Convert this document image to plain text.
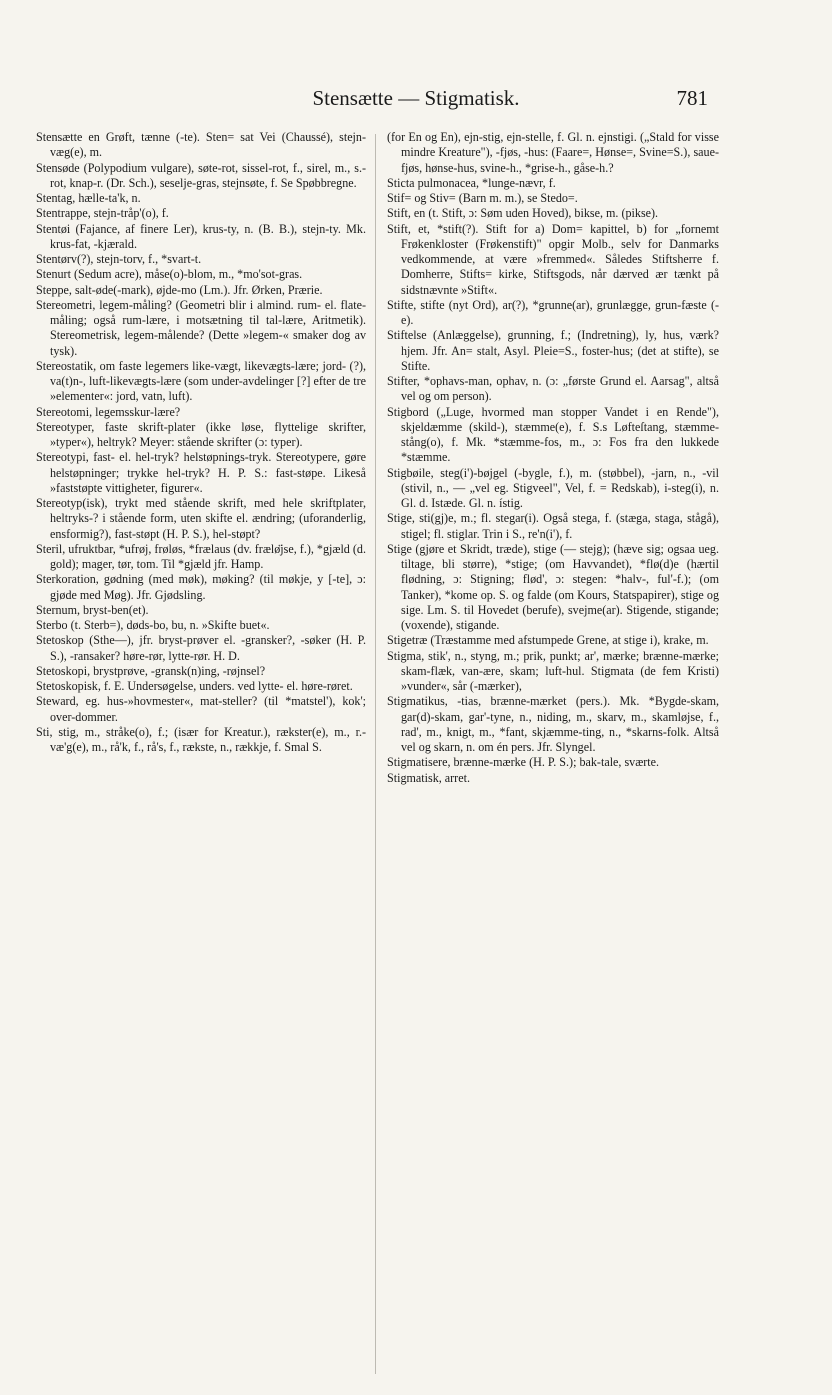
Stensætte — Stigmatisk.	781

Stensætte en Grøft, tænne (-te). Sten= sat Vei (Chaussé), stejn-væg(e), m.

Stensøde (Polypodium vulgare), søte-rot, sissel-rot, f., sirel, m., s.-rot, knap-r. (Dr. Sch.), seselje-gras, stejnsøte, f. Se Spøbbregne.

Stentag, hælle-ta'k, n.

Stentrappe, stejn-tråp'(o), f.

Stentøi (Fajance, af finere Ler), krus-ty, n. (B. B.), stejn-ty. Mk. krus-fat, -kjærald.

Stentørv(?), stejn-torv, f., *svart-t.

Stenurt (Sedum acre), måse(o)-blom, m., *mo'sot-gras.

Steppe, salt-øde(-mark), øjde-mo (Lm.). Jfr. Ørken, Prærie.

Stereometri, legem-måling? (Geometri blir i almind. rum- el. flate-måling; også rum-lære, i motsætning til tal-lære, Aritmetik). Stereometrisk, legem-målende? (Dette »legem-« smaker dog av tysk).

Stereostatik, om faste legemers like-vægt, likevægts-lære; jord- (?), va(t)n-, luft-likevægts-lære (som under-avdelinger [?] efter de tre »elementer«: jord, vatn, luft).

Stereotomi, legemsskur-lære?

Stereotyper, faste skrift-plater (ikke løse, flyttelige skrifter, »typer«), heltryk? Meyer: stående skrifter (ɔ: typer).

Stereotypi, fast- el. hel-tryk? helstøpnings-tryk. Stereotypere, gøre helstøpninger; trykke hel-tryk? H. P. S.: fast-støpe. Likeså »faststøpte vittigheter, figurer«.

Stereotyp(isk), trykt med stående skrift, med hele skriftplater, heltryks-? i stående form, uten skifte el. ændring; (uforanderlig, ensformig?), fast-støpt (H. P. S.), hel-støpt?

Steril, ufruktbar, *ufrøj, frøløs, *frælaus (dv. frælø̈jse, f.), *gjæld (d. gold); mager, tør, tom. Til *gjæld jfr. Hamp.

Sterkoration, gødning (med møk), møking? (til møkje, y [-te], ɔ: gjøde med Møg). Jfr. Gjødsling.

Sternum, bryst-ben(et).

Sterbo (t. Sterb=), døds-bo, bu, n. »Skifte buet«.

Stetoskop (Sthe—), jfr. bryst-prøver el. -gransker?, -søker (H. P. S.), -ransaker? høre-rør, lytte-rør. H. D.

Stetoskopi, brystprøve, -gransk(n)ing, -røjnsel?

Stetoskopisk, f. E. Undersøgelse, unders. ved lytte- el. høre-røret.

Steward, eg. hus-»hovmester«, mat-steller? (til *matstel'), kok'; over-dommer.

Sti, stig, m., stråke(o), f.; (især for Kreatur.), rækster(e), m., r.-væ'g(e), m., rå'k, f., rå's, f., rækste, n., rækkje, f. Smal S.

(for En og En), ejn-stig, ejn-stelle, f. Gl. n. ejnstigi. („Stald for visse mindre Kreature"), -fjøs, -hus: (Faare=, Hønse=, Svine=S.), saue-fjøs, hønse-hus, svine-h., *grise-h., gåse-h.?

Sticta pulmonacea, *lunge-nævr, f.

Stif= og Stiv= (Barn m. m.), se Stedо=.

Stift, en (t. Stift, ɔ: Søm uden Hoved), bikse, m. (pikse).

Stift, et, *stift(?). Stift for a) Dom= kapittel, b) for „fornemt Frøkenkloster (Frøkenstift)" opgir Molb., selv for Danmarks vedkommende, at være »fremmed«. Således Stiftsherre f. Domherre, Stifts= kirke, Stiftsgods, når dærved ær tænkt på sidstnævnte »Stift«.

Stifte, stifte (nyt Ord), ar(?), *grunne(ar), grunlægge, grun-fæste (-e).

Stiftelse (Anlæggelse), grunning, f.; (Indretning), ly, hus, værk? hjem. Jfr. An= stalt, Asyl. Pleie=S., foster-hus; (det at stifte), se Stifte.

Stifter, *ophavs-man, ophav, n. (ɔ: „første Grund el. Aarsag", altså vel og om person).

Stigbord („Luge, hvormed man stopper Vandet i en Rende"), skjeldæmme (skild-), stæmme(e), f. S.s Løfteſtang, stæmme-stång(o), f. Mk. *stæmme-fos, m., ɔ: Fos fra den lukkede *stæmme.

Stigbøile, steg(i')-bøjgel (-bygle, f.), m. (støbbel), -jarn, n., -vil (stivil, n., — „vel eg. Stigveel", Vel, f. = Redskab), i-steg(i), n. Gl. d. Istæde. Gl. n. ístig.

Stige, sti(gj)e, m.; fl. stegar(i). Også stega, f. (stæga, staga, stågå), stigel; fl. stiglar. Trin i S., re'n(i'), f.

Stige (gjøre et Skridt, træde), stige (— stejg); (hæve sig; ogsaa ueg. tiltage, bli større), *stige; (om Havvandet), *flø(d)e (hærtil flødning, ɔ: Stigning; flød', ɔ: stegen: *halv-, ful'-f.); (om Tanker), *kome op. S. og falde (om Kours, Statspapirer), stige og sige. Lm. S. til Hovedet (berufe), svejme(ar). Stigende, stigande; (voxende), stigande.

Stigetræ (Træstamme med afstumpede Grene, at stige i), krake, m.

Stigma, stik', n., styng, m.; prik, punkt; ar', mærke; brænne-mærke; skam-flæk, van-ære, skam; luft-hul. Stigmata (de fem Kristi) »vunder«, sår (-mærker),

Stigmatikus, -tias, brænne-mærket (pers.). Mk. *Bygde-skam, gar(d)-skam, gar'-tyne, n., niding, m., skarv, m., skamløjse, f., rad', m., knigt, m., *fant, skjæmme-ting, n., *skarns-folk. Altså vel og skarn, n. om én pers. Jfr. Slyngel.

Stigmatisere, brænne-mærke (H. P. S.); bak-tale, sværte.

Stigmatisk, arret.
